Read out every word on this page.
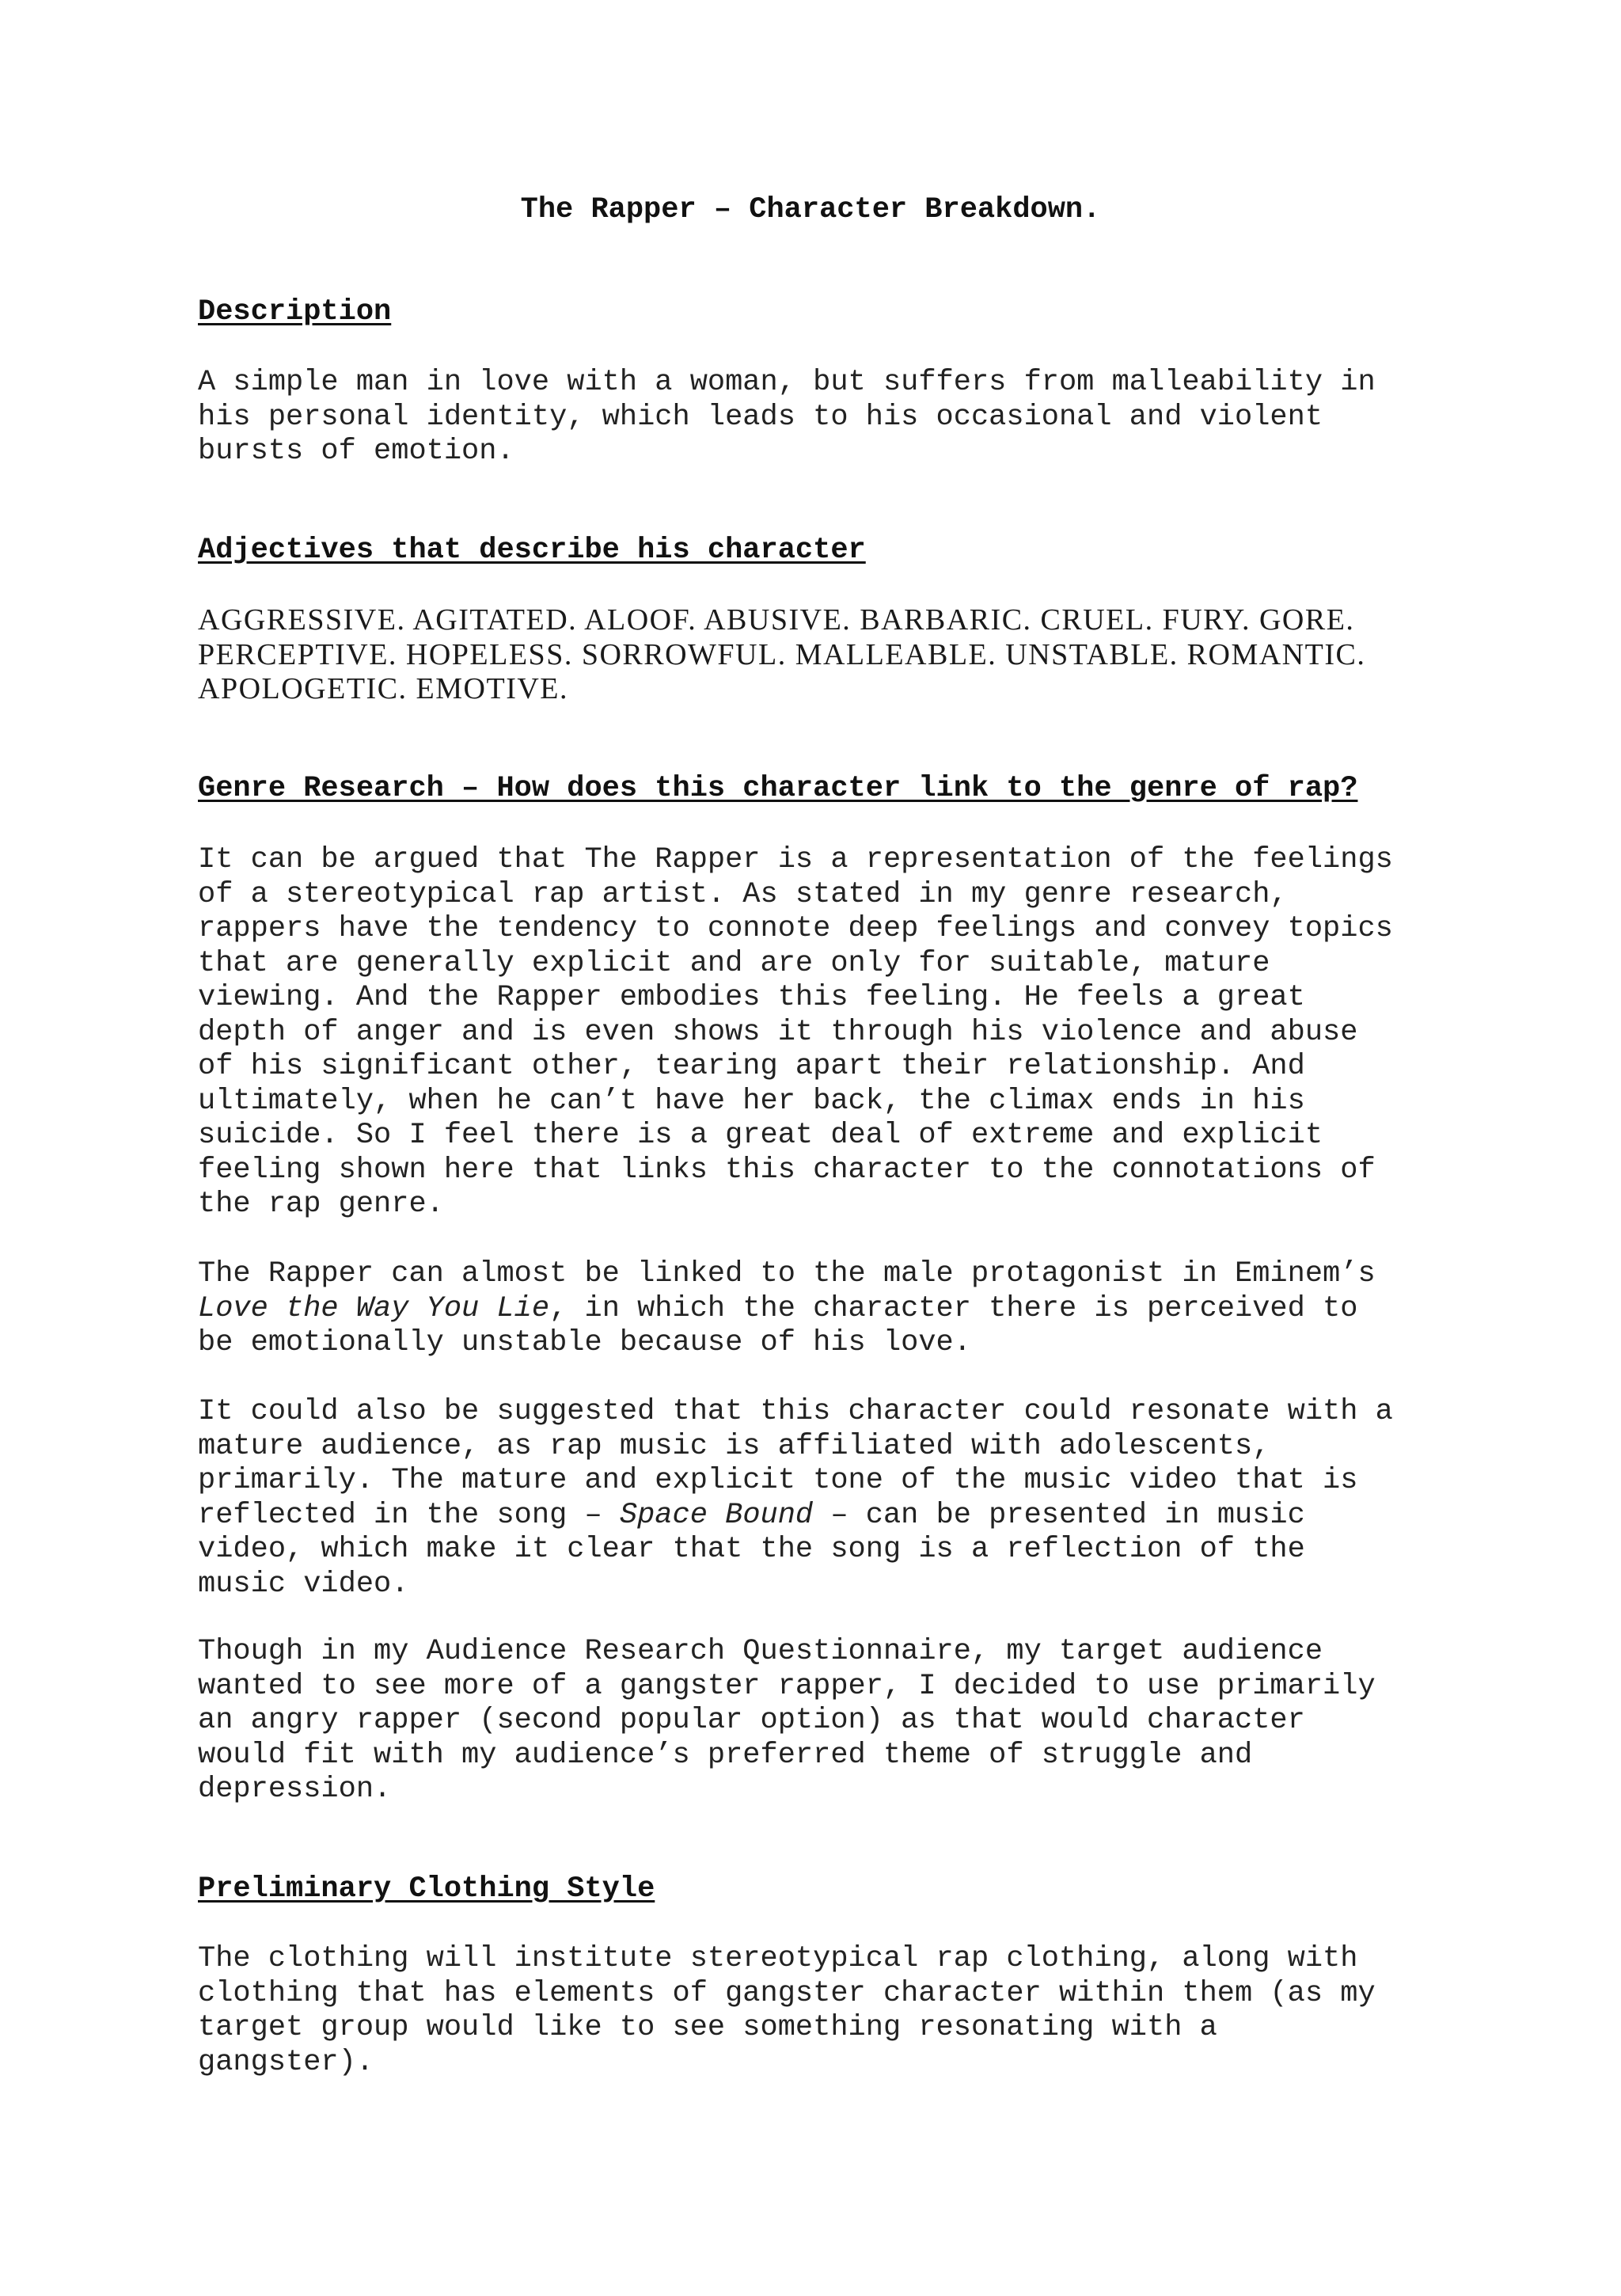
The Rapper – Character Breakdown.
Description
A simple man in love with a woman, but suffers from malleability in
his personal identity, which leads to his occasional and violent
bursts of emotion.
Adjectives that describe his character
AGGRESSIVE. AGITATED. ALOOF. ABUSIVE. BARBARIC. CRUEL. FURY. GORE.
PERCEPTIVE. HOPELESS. SORROWFUL. MALLEABLE. UNSTABLE. ROMANTIC.
APOLOGETIC. EMOTIVE.
Genre Research – How does this character link to the genre of rap?
It can be argued that The Rapper is a representation of the feelings
of a stereotypical rap artist. As stated in my genre research,
rappers have the tendency to connote deep feelings and convey topics
that are generally explicit and are only for suitable, mature
viewing. And the Rapper embodies this feeling. He feels a great
depth of anger and is even shows it through his violence and abuse
of his significant other, tearing apart their relationship. And
ultimately, when he can’t have her back, the climax ends in his
suicide. So I feel there is a great deal of extreme and explicit
feeling shown here that links this character to the connotations of
the rap genre.
The Rapper can almost be linked to the male protagonist in Eminem’s
Love the Way You Lie, in which the character there is perceived to
be emotionally unstable because of his love.
It could also be suggested that this character could resonate with a
mature audience, as rap music is affiliated with adolescents,
primarily. The mature and explicit tone of the music video that is
reflected in the song – Space Bound – can be presented in music
video, which make it clear that the song is a reflection of the
music video.
Though in my Audience Research Questionnaire, my target audience
wanted to see more of a gangster rapper, I decided to use primarily
an angry rapper (second popular option) as that would character
would fit with my audience’s preferred theme of struggle and
depression.
Preliminary Clothing Style
The clothing will institute stereotypical rap clothing, along with
clothing that has elements of gangster character within them (as my
target group would like to see something resonating with a
gangster).
